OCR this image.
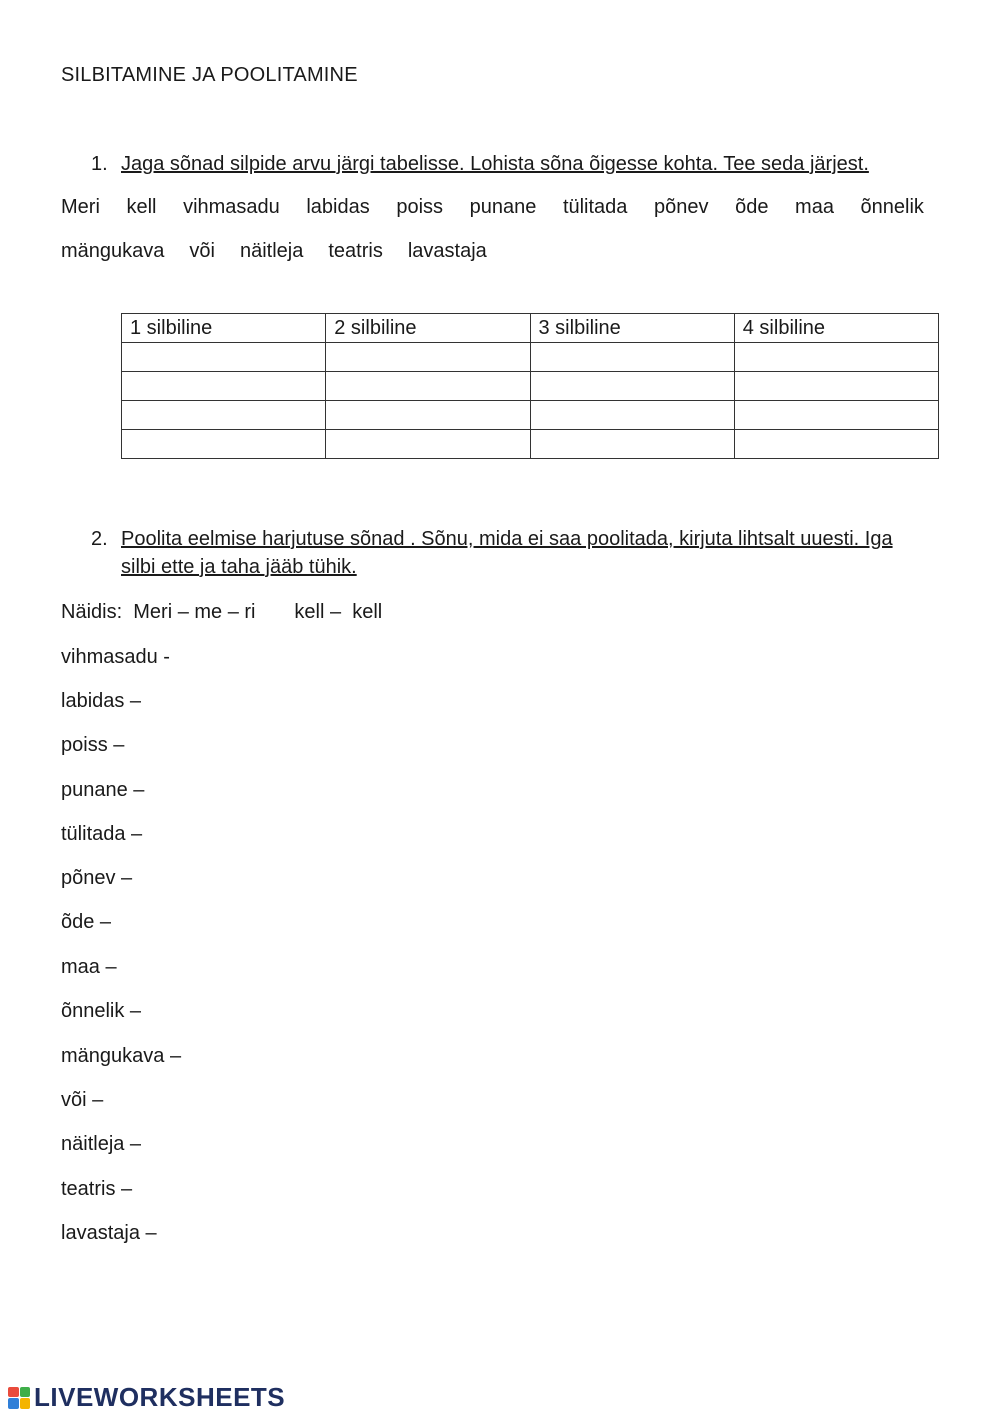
SILBITAMINE JA POOLITAMINE
1. Jaga sõnad silpide arvu järgi tabelisse. Lohista sõna õigesse kohta. Tee seda järjest.
Meri kell vihmasadu labidas poiss punane tülitada põnev õde maa õnnelik
mängukava või näitleja teatris lavastaja
1 silbiline	2 silbiline	3 silbiline	4 silbiline

2. Poolita eelmise harjutuse sõnad . Sõnu, mida ei saa poolitada, kirjuta lihtsalt uuesti. Iga silbi ette ja taha jääb tühik.
Näidis:  Meri – me – ri       kell –  kell
vihmasadu -
labidas –
poiss –
punane –
tülitada –
põnev –
õde –
maa –
õnnelik –
mängukava –
või –
näitleja –
teatris –
lavastaja –
LIVEWORKSHEETS
